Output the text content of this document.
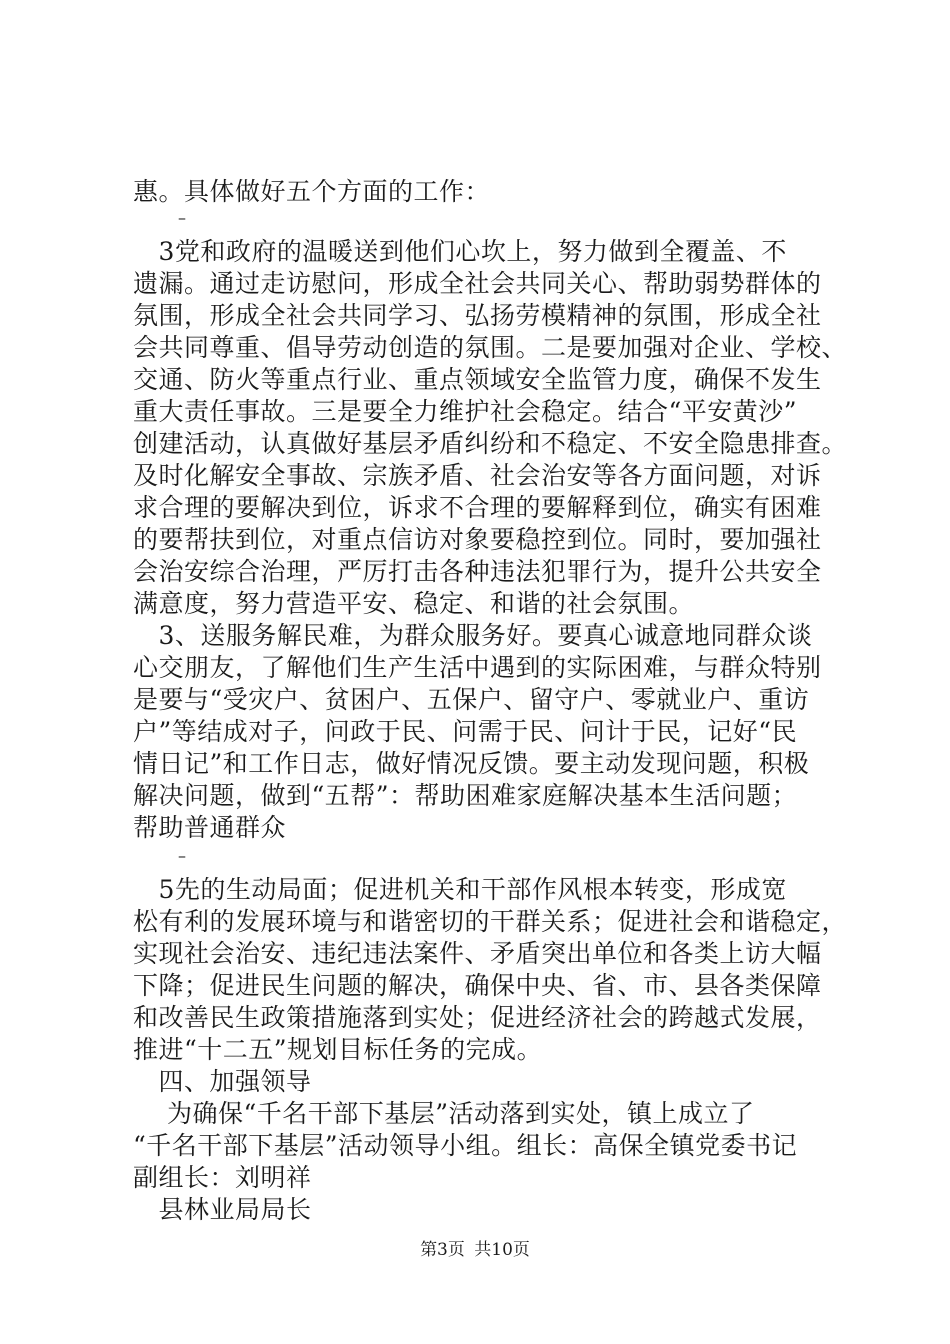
惠。具体做好五个方面的工作：
–
　3党和政府的温暖送到他们心坎上，努力做到全覆盖、不
遗漏。通过走访慰问，形成全社会共同关心、帮助弱势群体的
氛围，形成全社会共同学习、弘扬劳模精神的氛围，形成全社
会共同尊重、倡导劳动创造的氛围。二是要加强对企业、学校、
交通、防火等重点行业、重点领域安全监管力度，确保不发生
重大责任事故。三是要全力维护社会稳定。结合“平安黄沙”
创建活动，认真做好基层矛盾纠纷和不稳定、不安全隐患排查。
及时化解安全事故、宗族矛盾、社会治安等各方面问题，对诉
求合理的要解决到位，诉求不合理的要解释到位，确实有困难
的要帮扶到位，对重点信访对象要稳控到位。同时，要加强社
会治安综合治理，严厉打击各种违法犯罪行为，提升公共安全
满意度，努力营造平安、稳定、和谐的社会氛围。
　3、送服务解民难，为群众服务好。要真心诚意地同群众谈
心交朋友，了解他们生产生活中遇到的实际困难，与群众特别
是要与“受灾户、贫困户、五保户、留守户、零就业户、重访
户”等结成对子，问政于民、问需于民、问计于民，记好“民
情日记”和工作日志，做好情况反馈。要主动发现问题，积极
解决问题，做到“五帮”：帮助困难家庭解决基本生活问题；
帮助普通群众
–
　5先的生动局面；促进机关和干部作风根本转变，形成宽
松有利的发展环境与和谐密切的干群关系；促进社会和谐稳定，
实现社会治安、违纪违法案件、矛盾突出单位和各类上访大幅
下降；促进民生问题的解决，确保中央、省、市、县各类保障
和改善民生政策措施落到实处；促进经济社会的跨越式发展，
推进“十二五”规划目标任务的完成。
　四、加强领导
　 为确保“千名干部下基层”活动落到实处，镇上成立了
“千名干部下基层”活动领导小组。组长：高保全镇党委书记
副组长：刘明祥
　县林业局局长
第3页 共10页
